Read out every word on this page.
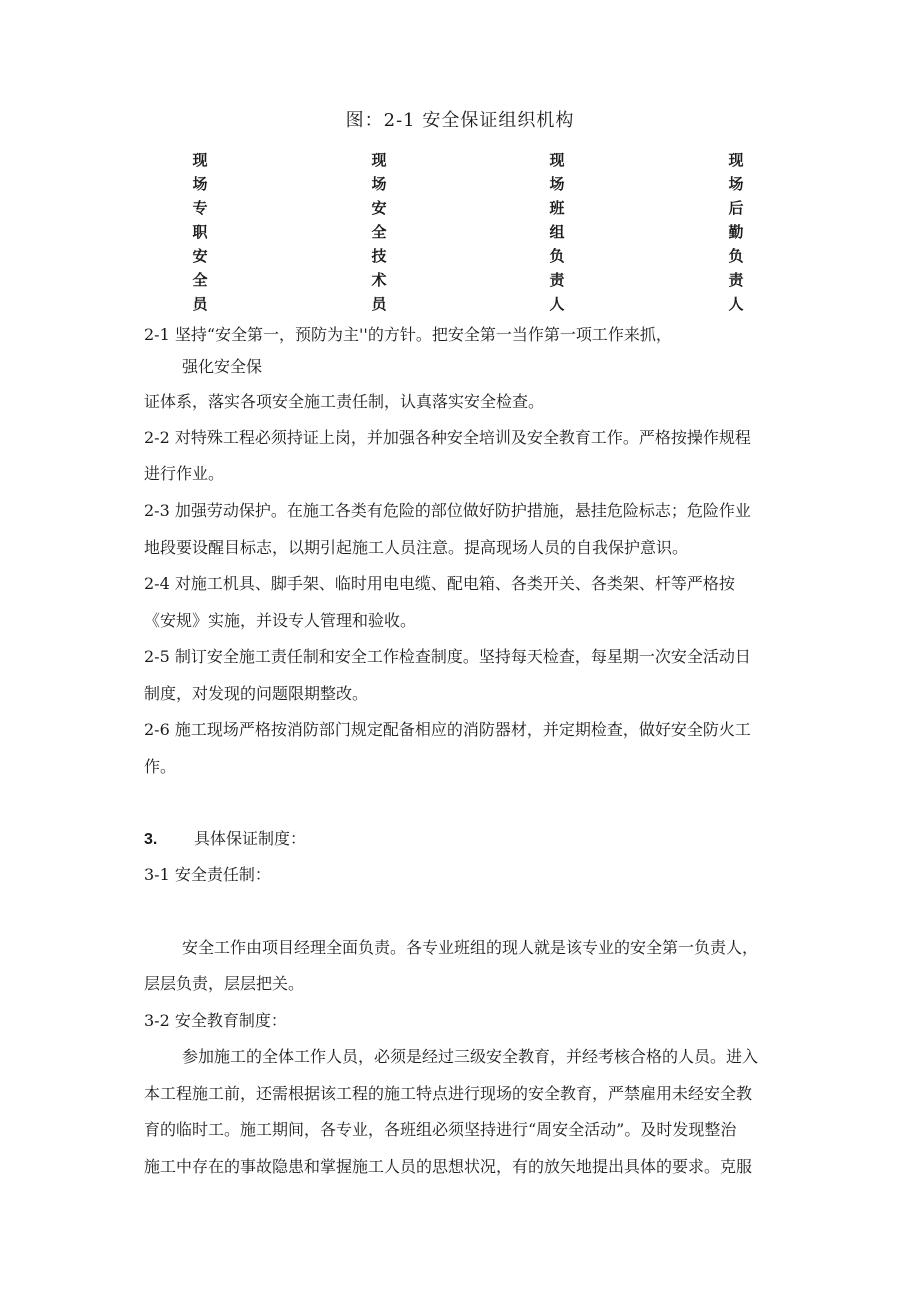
图：2-1 安全保证组织机构
现
场
专
职
安
全
员
现
场
安
全
技
术
员
现
场
班
组
负
责
人
现
场
后
勤
负
责
人
2-1 坚持“安全第一，预防为主''的方针。把安全第一当作第一项工作来抓，
强化安全保
证体系，落实各项安全施工责任制，认真落实安全检查。
2-2 对特殊工程必须持证上岗，并加强各种安全培训及安全教育工作。严格按操作规程
进行作业。
2-3 加强劳动保护。在施工各类有危险的部位做好防护措施，悬挂危险标志；危险作业
地段要设醒目标志，以期引起施工人员注意。提高现场人员的自我保护意识。
2-4 对施工机具、脚手架、临时用电电缆、配电箱、各类开关、各类架、杆等严格按
《安规》实施，并设专人管理和验收。
2-5 制订安全施工责任制和安全工作检查制度。坚持每天检查，每星期一次安全活动日
制度，对发现的问题限期整改。
2-6 施工现场严格按消防部门规定配备相应的消防器材，并定期检查，做好安全防火工
作。
3. 具体保证制度：
3-1 安全责任制：
安全工作由项目经理全面负责。各专业班组的现人就是该专业的安全第一负责人，
层层负责，层层把关。
3-2 安全教育制度：
参加施工的全体工作人员，必须是经过三级安全教育，并经考核合格的人员。进入
本工程施工前，还需根据该工程的施工特点进行现场的安全教育，严禁雇用未经安全教
育的临时工。施工期间，各专业，各班组必须坚持进行“周安全活动”。及时发现整治
施工中存在的事故隐患和掌握施工人员的思想状况，有的放矢地提出具体的要求。克服
